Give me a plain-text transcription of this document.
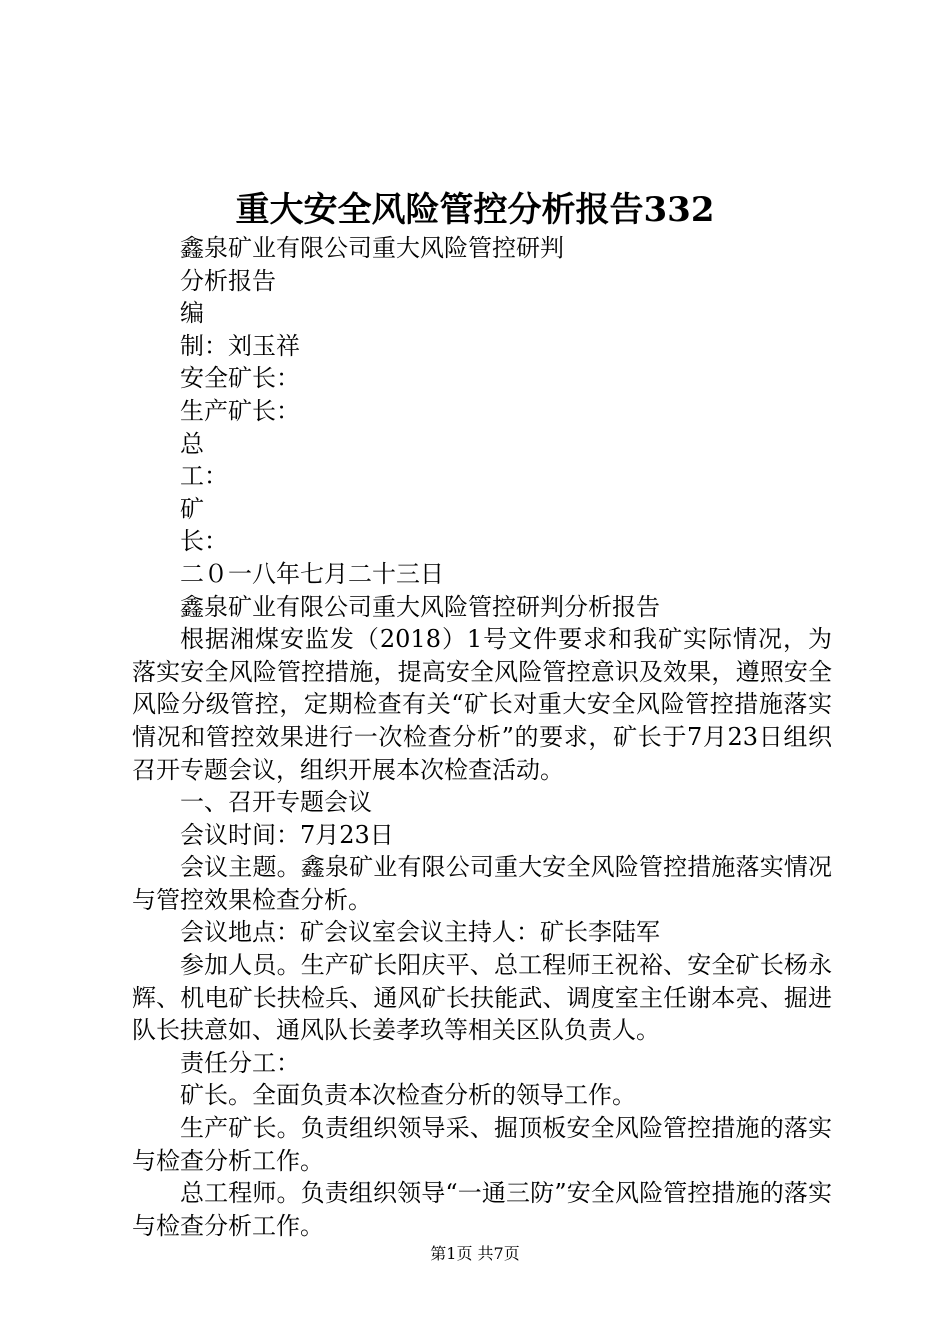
重大安全风险管控分析报告332

鑫泉矿业有限公司重大风险管控研判

分析报告

编

制：刘玉祥

安全矿长：

生产矿长：

总

工：

矿

长：

二０一八年七月二十三日

鑫泉矿业有限公司重大风险管控研判分析报告

根据湘煤安监发（2018）1号文件要求和我矿实际情况，为落实安全风险管控措施，提高安全风险管控意识及效果，遵照安全风险分级管控，定期检查有关“矿长对重大安全风险管控措施落实情况和管控效果进行一次检查分析”的要求，矿长于7月23日组织召开专题会议，组织开展本次检查活动。

一、召开专题会议

会议时间：7月23日

会议主题。鑫泉矿业有限公司重大安全风险管控措施落实情况与管控效果检查分析。

会议地点：矿会议室会议主持人：矿长李陆军

参加人员。生产矿长阳庆平、总工程师王祝裕、安全矿长杨永辉、机电矿长扶检兵、通风矿长扶能武、调度室主任谢本亮、掘进队长扶意如、通风队长姜孝玖等相关区队负责人。

责任分工：

矿长。全面负责本次检查分析的领导工作。

生产矿长。负责组织领导采、掘顶板安全风险管控措施的落实与检查分析工作。

总工程师。负责组织领导“一通三防”安全风险管控措施的落实与检查分析工作。

第1页 共7页
